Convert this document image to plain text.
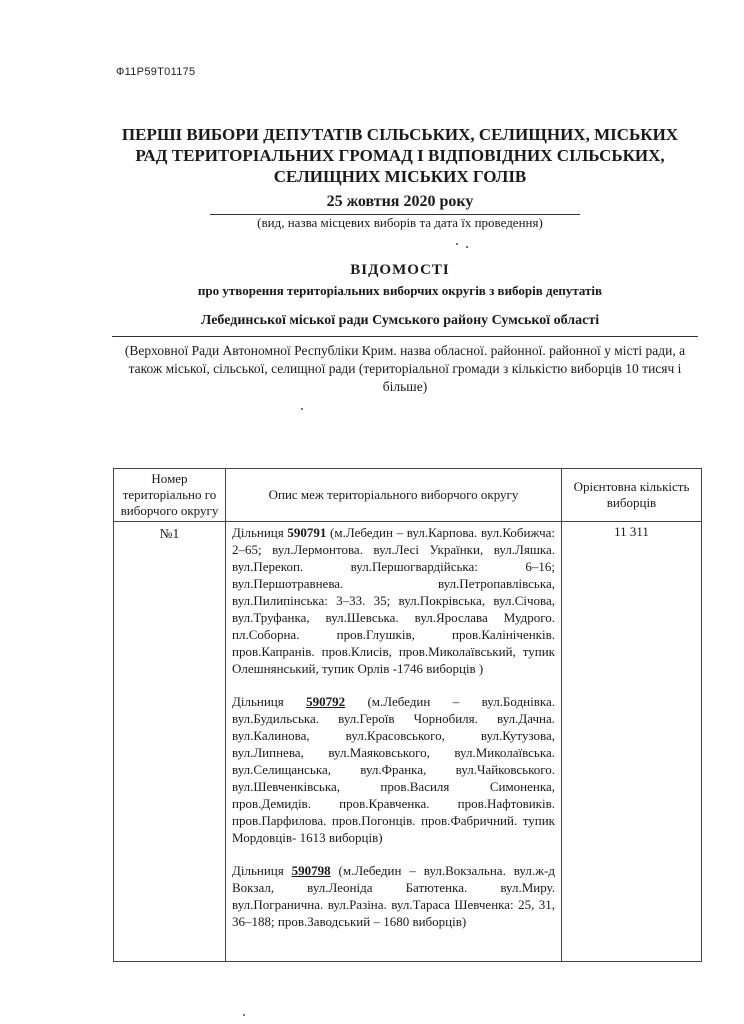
Ф11Р59Т01175
ПЕРШІ ВИБОРИ ДЕПУТАТІВ СІЛЬСЬКИХ, СЕЛИЩНИХ, МІСЬКИХ
РАД ТЕРИТОРІАЛЬНИХ ГРОМАД І ВІДПОВІДНИХ СІЛЬСЬКИХ,
СЕЛИЩНИХ МІСЬКИХ ГОЛІВ
25 жовтня 2020 року
(вид, назва місцевих виборів та дата їх проведення)
ВІДОМОСТІ
про утворення територіальних виборчих округів з виборів депутатів
Лебединської міської ради Сумського району Сумської області
(Верховної Ради Автономної Республіки Крим. назва обласної. районної. районної у місті ради, а також міської, сільської, селищної ради (територіальної громади з кількістю виборців 10 тисяч і більше)
Номер територіально го виборчого округу	Опис меж територіального виборчого округу	Орієнтовна кількість виборців
№1	Дільниця 590791 (м.Лебедин – вул.Карпова. вул.Кобижча: 2–65; вул.Лермонтова. вул.Лесі Українки, вул.Ляшка. вул.Перекоп. вул.Першогвардійська: 6–16; вул.Першотравнева. вул.Петропавлівська, вул.Пилипінська: 3–33. 35; вул.Покрівська, вул.Січова, вул.Труфанка, вул.Шевська. вул.Ярослава Мудрого. пл.Соборна. пров.Глушків, пров.Калініченків. пров.Капранів. пров.Клисів, пров.Миколаївський, тупик Олешнянський, тупик Орлів -1746 виборців )
Дільниця 590792 (м.Лебедин – вул.Боднівка. вул.Будильська. вул.Героїв Чорнобиля. вул.Дачна. вул.Калинова, вул.Красовського, вул.Кутузова, вул.Липнева, вул.Маяковського, вул.Миколаївська. вул.Селищанська, вул.Франка, вул.Чайковського. вул.Шевченківська, пров.Василя Симоненка, пров.Демидів. пров.Кравченка. пров.Нафтовиків. пров.Парфилова. пров.Погонців. пров.Фабричний. тупик Мордовців- 1613 виборців)
Дільниця 590798 (м.Лебедин – вул.Вокзальна. вул.ж-д Вокзал, вул.Леоніда Батютенка. вул.Миру. вул.Погранична. вул.Разіна. вул.Тараса Шевченка: 25, 31, 36–188; пров.Заводський – 1680 виборців)	11 311
